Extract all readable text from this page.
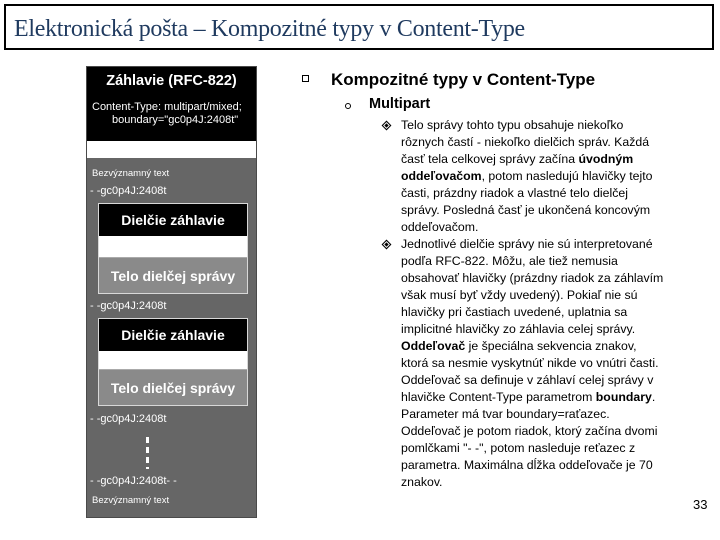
Elektronická pošta – Kompozitné typy v Content-Type
Záhlavie (RFC-822)
Content-Type: multipart/mixed;
boundary="gc0p4J:2408t"
Bezvýznamný text
- -gc0p4J:2408t
Dielčie záhlavie
Telo dielčej správy
- -gc0p4J:2408t
Dielčie záhlavie
Telo dielčej správy
- -gc0p4J:2408t
- -gc0p4J:2408t- -
Bezvýznamný text
Kompozitné typy v Content-Type
Multipart
Telo správy tohto typu obsahuje niekoľko
rôznych častí - niekoľko dielčich správ. Každá
časť tela celkovej správy začína úvodným
oddeľovačom, potom nasledujú hlavičky tejto
časti, prázdny riadok a vlastné telo dielčej
správy. Posledná časť je ukončená koncovým
oddeľovačom.
Jednotlivé dielčie správy nie sú interpretované
podľa RFC-822. Môžu, ale tiež nemusia
obsahovať hlavičky (prázdny riadok za záhlavím
však musí byť vždy uvedený). Pokiaľ nie sú
hlavičky pri častiach uvedené, uplatnia sa
implicitné hlavičky zo záhlavia celej správy.
Oddeľovač je špeciálna sekvencia znakov,
ktorá sa nesmie vyskytnúť nikde vo vnútri časti.
Oddeľovač sa definuje v záhlaví celej správy v
hlavičke Content-Type parametrom boundary.
Parameter má tvar boundary=raťazec.
Oddeľovač je potom riadok, ktorý začína dvomi
pomlčkami "- -", potom nasleduje reťazec z
parametra. Maximálna dĺžka oddeľovače je 70
znakov.
33
